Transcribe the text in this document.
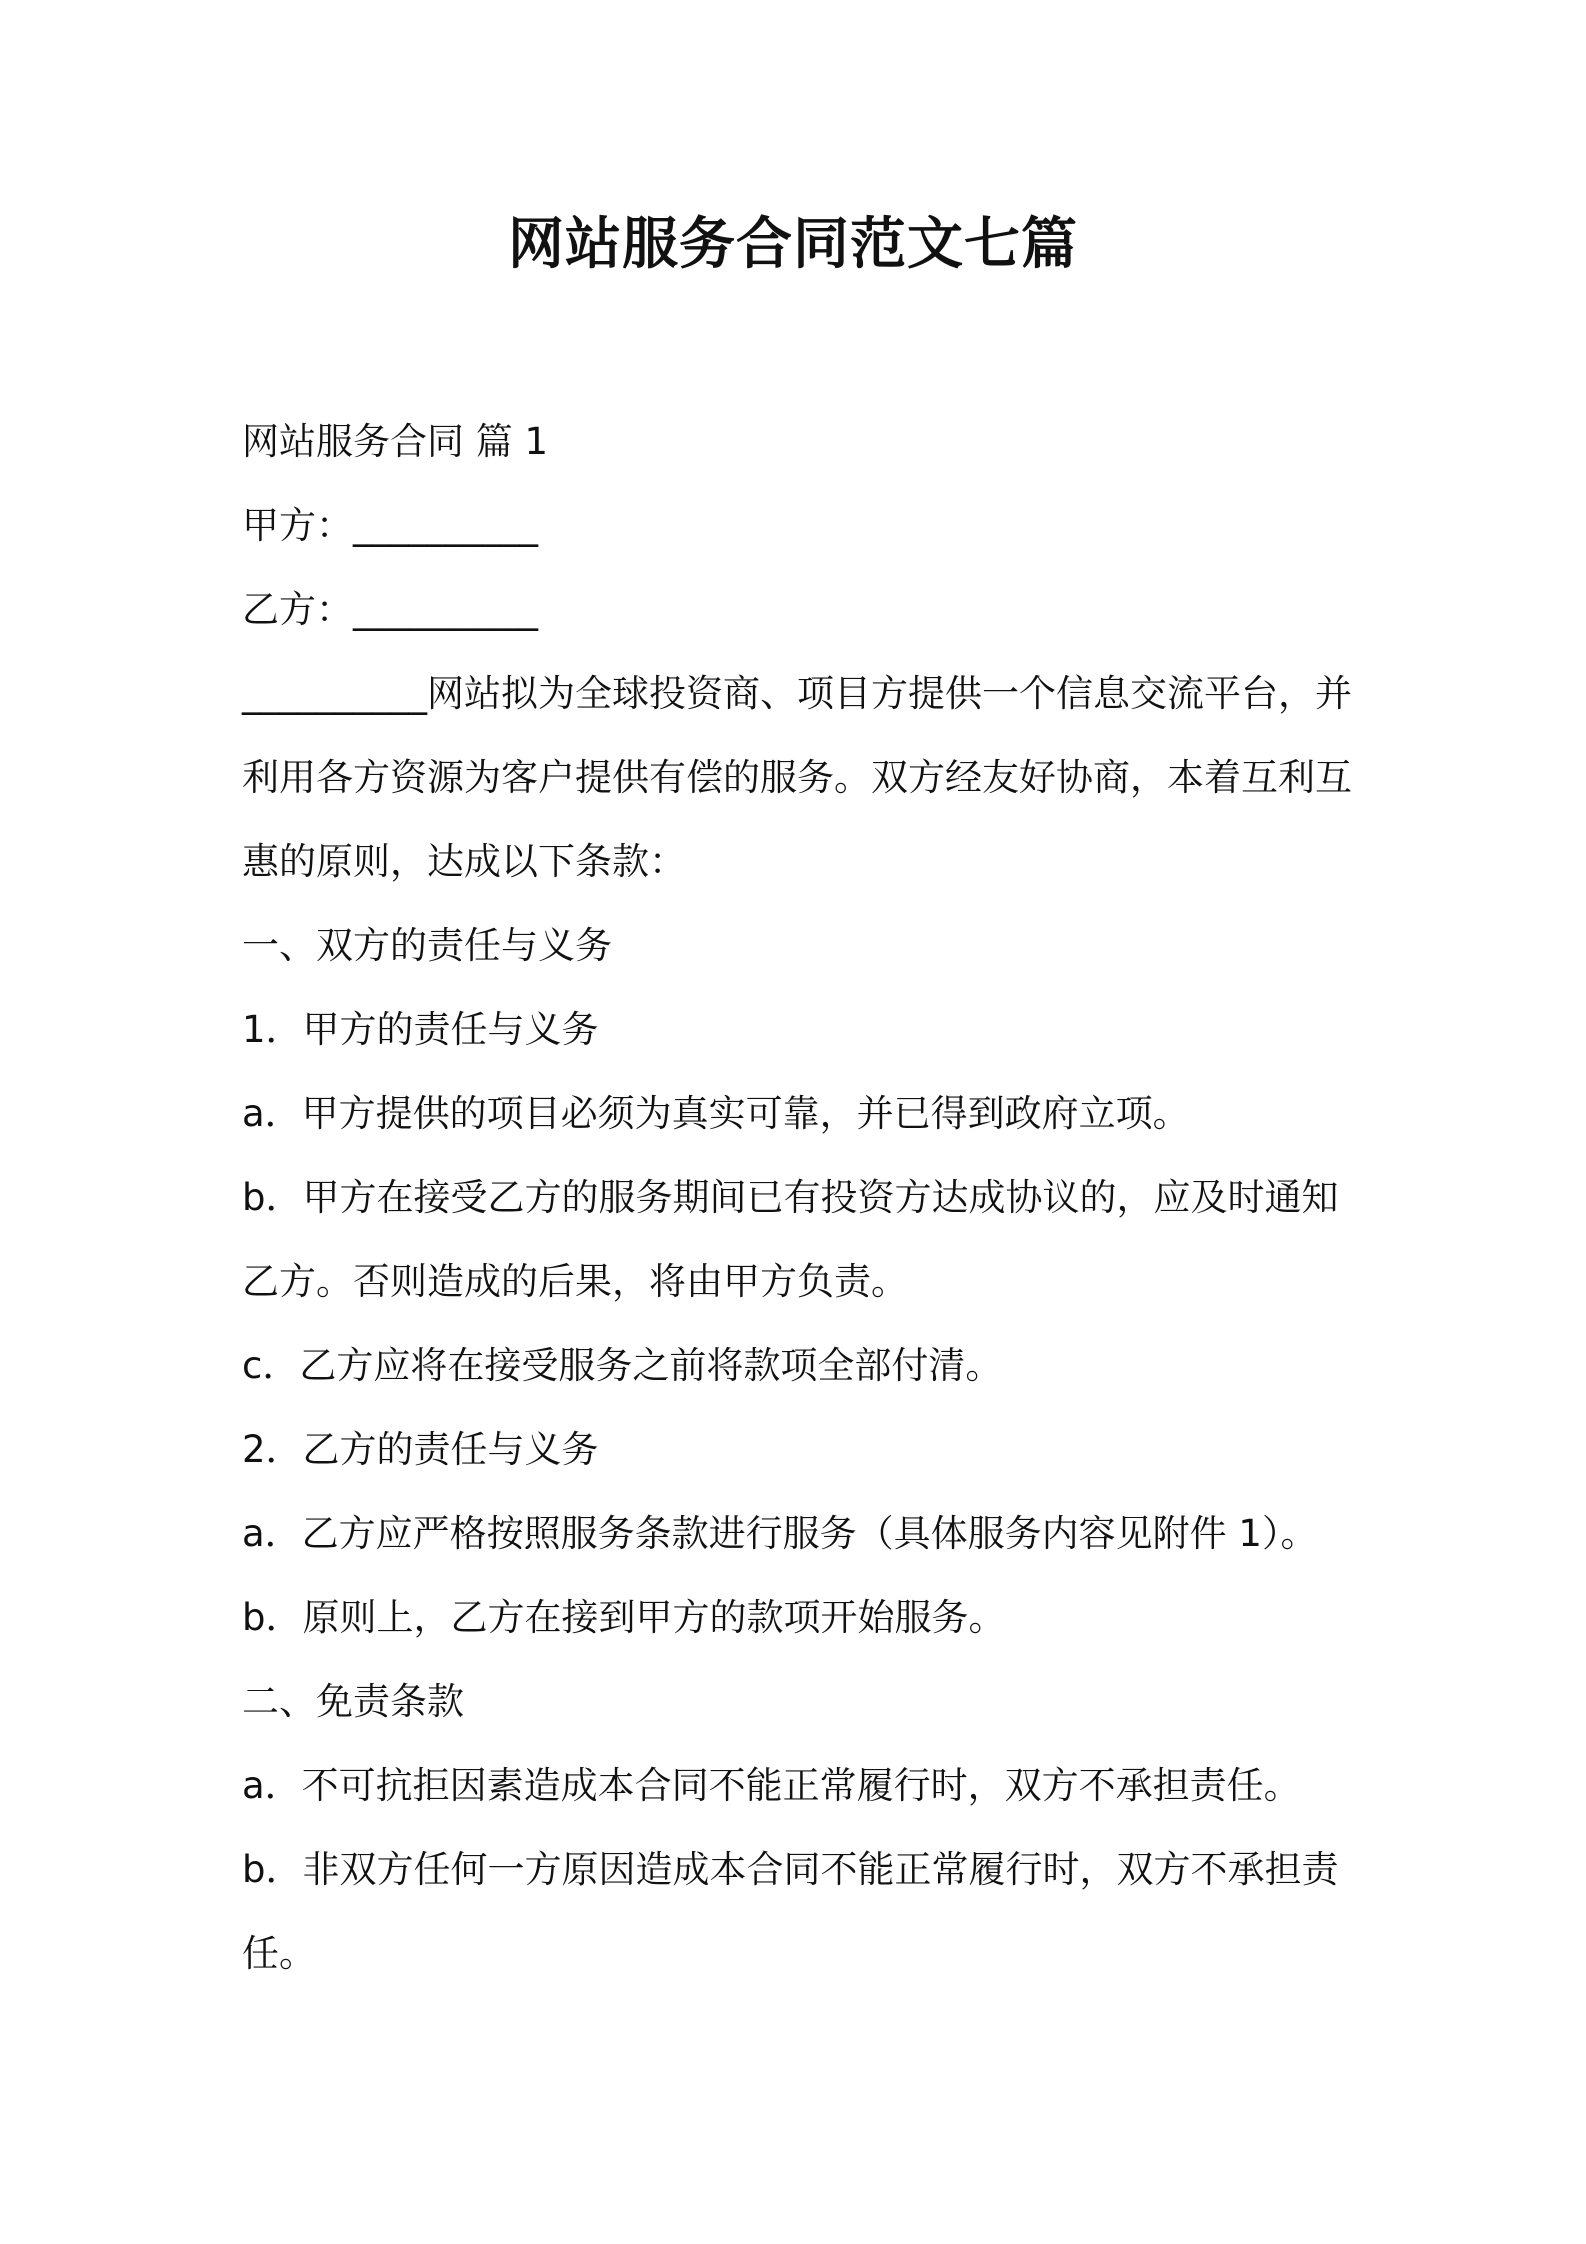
网站服务合同范文七篇

网站服务合同 篇 1

甲方：__________

乙方：__________

__________网站拟为全球投资商、项目方提供一个信息交流平台，并利用各方资源为客户提供有偿的服务。双方经友好协商，本着互利互惠的原则，达成以下条款：

一、双方的责任与义务

1．甲方的责任与义务

a．甲方提供的项目必须为真实可靠，并已得到政府立项。

b．甲方在接受乙方的服务期间已有投资方达成协议的，应及时通知乙方。否则造成的后果，将由甲方负责。

c．乙方应将在接受服务之前将款项全部付清。

2．乙方的责任与义务

a．乙方应严格按照服务条款进行服务（具体服务内容见附件 1）。

b．原则上，乙方在接到甲方的款项开始服务。

二、免责条款

a．不可抗拒因素造成本合同不能正常履行时，双方不承担责任。

b．非双方任何一方原因造成本合同不能正常履行时，双方不承担责任。
